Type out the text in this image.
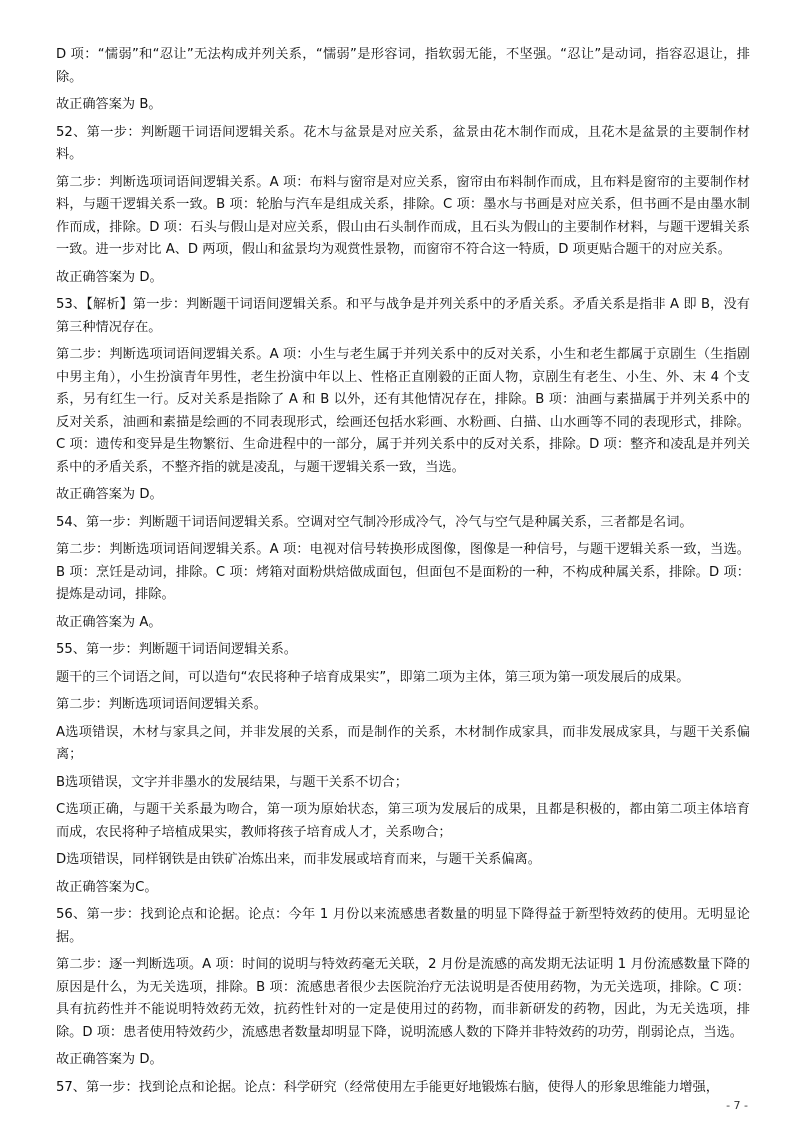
D 项：“懦弱”和“忍让”无法构成并列关系，“懦弱”是形容词，指软弱无能，不坚强。“忍让”是动词，指容忍退让，排除。

故正确答案为 B。

52、第一步：判断题干词语间逻辑关系。花木与盆景是对应关系，盆景由花木制作而成，且花木是盆景的主要制作材料。

第二步：判断选项词语间逻辑关系。A 项：布料与窗帘是对应关系，窗帘由布料制作而成，且布料是窗帘的主要制作材料，与题干逻辑关系一致。B 项：轮胎与汽车是组成关系，排除。C 项：墨水与书画是对应关系，但书画不是由墨水制作而成，排除。D 项：石头与假山是对应关系，假山由石头制作而成，且石头为假山的主要制作材料，与题干逻辑关系一致。进一步对比 A、D 两项，假山和盆景均为观赏性景物，而窗帘不符合这一特质，D 项更贴合题干的对应关系。

故正确答案为 D。

53、【解析】第一步：判断题干词语间逻辑关系。和平与战争是并列关系中的矛盾关系。矛盾关系是指非 A 即 B，没有第三种情况存在。

第二步：判断选项词语间逻辑关系。A 项：小生与老生属于并列关系中的反对关系，小生和老生都属于京剧生（生指剧中男主角），小生扮演青年男性，老生扮演中年以上、性格正直刚毅的正面人物，京剧生有老生、小生、外、末 4 个支系，另有红生一行。反对关系是指除了 A 和 B 以外，还有其他情况存在，排除。B 项：油画与素描属于并列关系中的反对关系，油画和素描是绘画的不同表现形式，绘画还包括水彩画、水粉画、白描、山水画等不同的表现形式，排除。C 项：遗传和变异是生物繁衍、生命进程中的一部分，属于并列关系中的反对关系，排除。D 项：整齐和凌乱是并列关系中的矛盾关系，不整齐指的就是凌乱，与题干逻辑关系一致，当选。

故正确答案为 D。

54、第一步：判断题干词语间逻辑关系。空调对空气制冷形成冷气，冷气与空气是种属关系，三者都是名词。

第二步：判断选项词语间逻辑关系。A 项：电视对信号转换形成图像，图像是一种信号，与题干逻辑关系一致，当选。B 项：烹饪是动词，排除。C 项：烤箱对面粉烘焙做成面包，但面包不是面粉的一种，不构成种属关系，排除。D 项：提炼是动词，排除。

故正确答案为 A。

55、第一步：判断题干词语间逻辑关系。

题干的三个词语之间，可以造句“农民将种子培育成果实”，即第二项为主体，第三项为第一项发展后的成果。

第二步：判断选项词语间逻辑关系。

A选项错误，木材与家具之间，并非发展的关系，而是制作的关系，木材制作成家具，而非发展成家具，与题干关系偏离；

B选项错误，文字并非墨水的发展结果，与题干关系不切合；

C选项正确，与题干关系最为吻合，第一项为原始状态，第三项为发展后的成果，且都是积极的，都由第二项主体培育而成，农民将种子培植成果实，教师将孩子培育成人才，关系吻合；

D选项错误，同样钢铁是由铁矿冶炼出来，而非发展或培育而来，与题干关系偏离。

故正确答案为C。

56、第一步：找到论点和论据。论点：今年 1 月份以来流感患者数量的明显下降得益于新型特效药的使用。无明显论据。

第二步：逐一判断选项。A 项：时间的说明与特效药毫无关联，2 月份是流感的高发期无法证明 1 月份流感数量下降的原因是什么，为无关选项，排除。B 项：流感患者很少去医院治疗无法说明是否使用药物，为无关选项，排除。C 项：具有抗药性并不能说明特效药无效，抗药性针对的一定是使用过的药物，而非新研发的药物，因此，为无关选项，排除。D 项：患者使用特效药少，流感患者数量却明显下降，说明流感人数的下降并非特效药的功劳，削弱论点，当选。

故正确答案为 D。

57、第一步：找到论点和论据。论点：科学研究（经常使用左手能更好地锻炼右脑，使得人的形象思维能力增强，

- 7 -
